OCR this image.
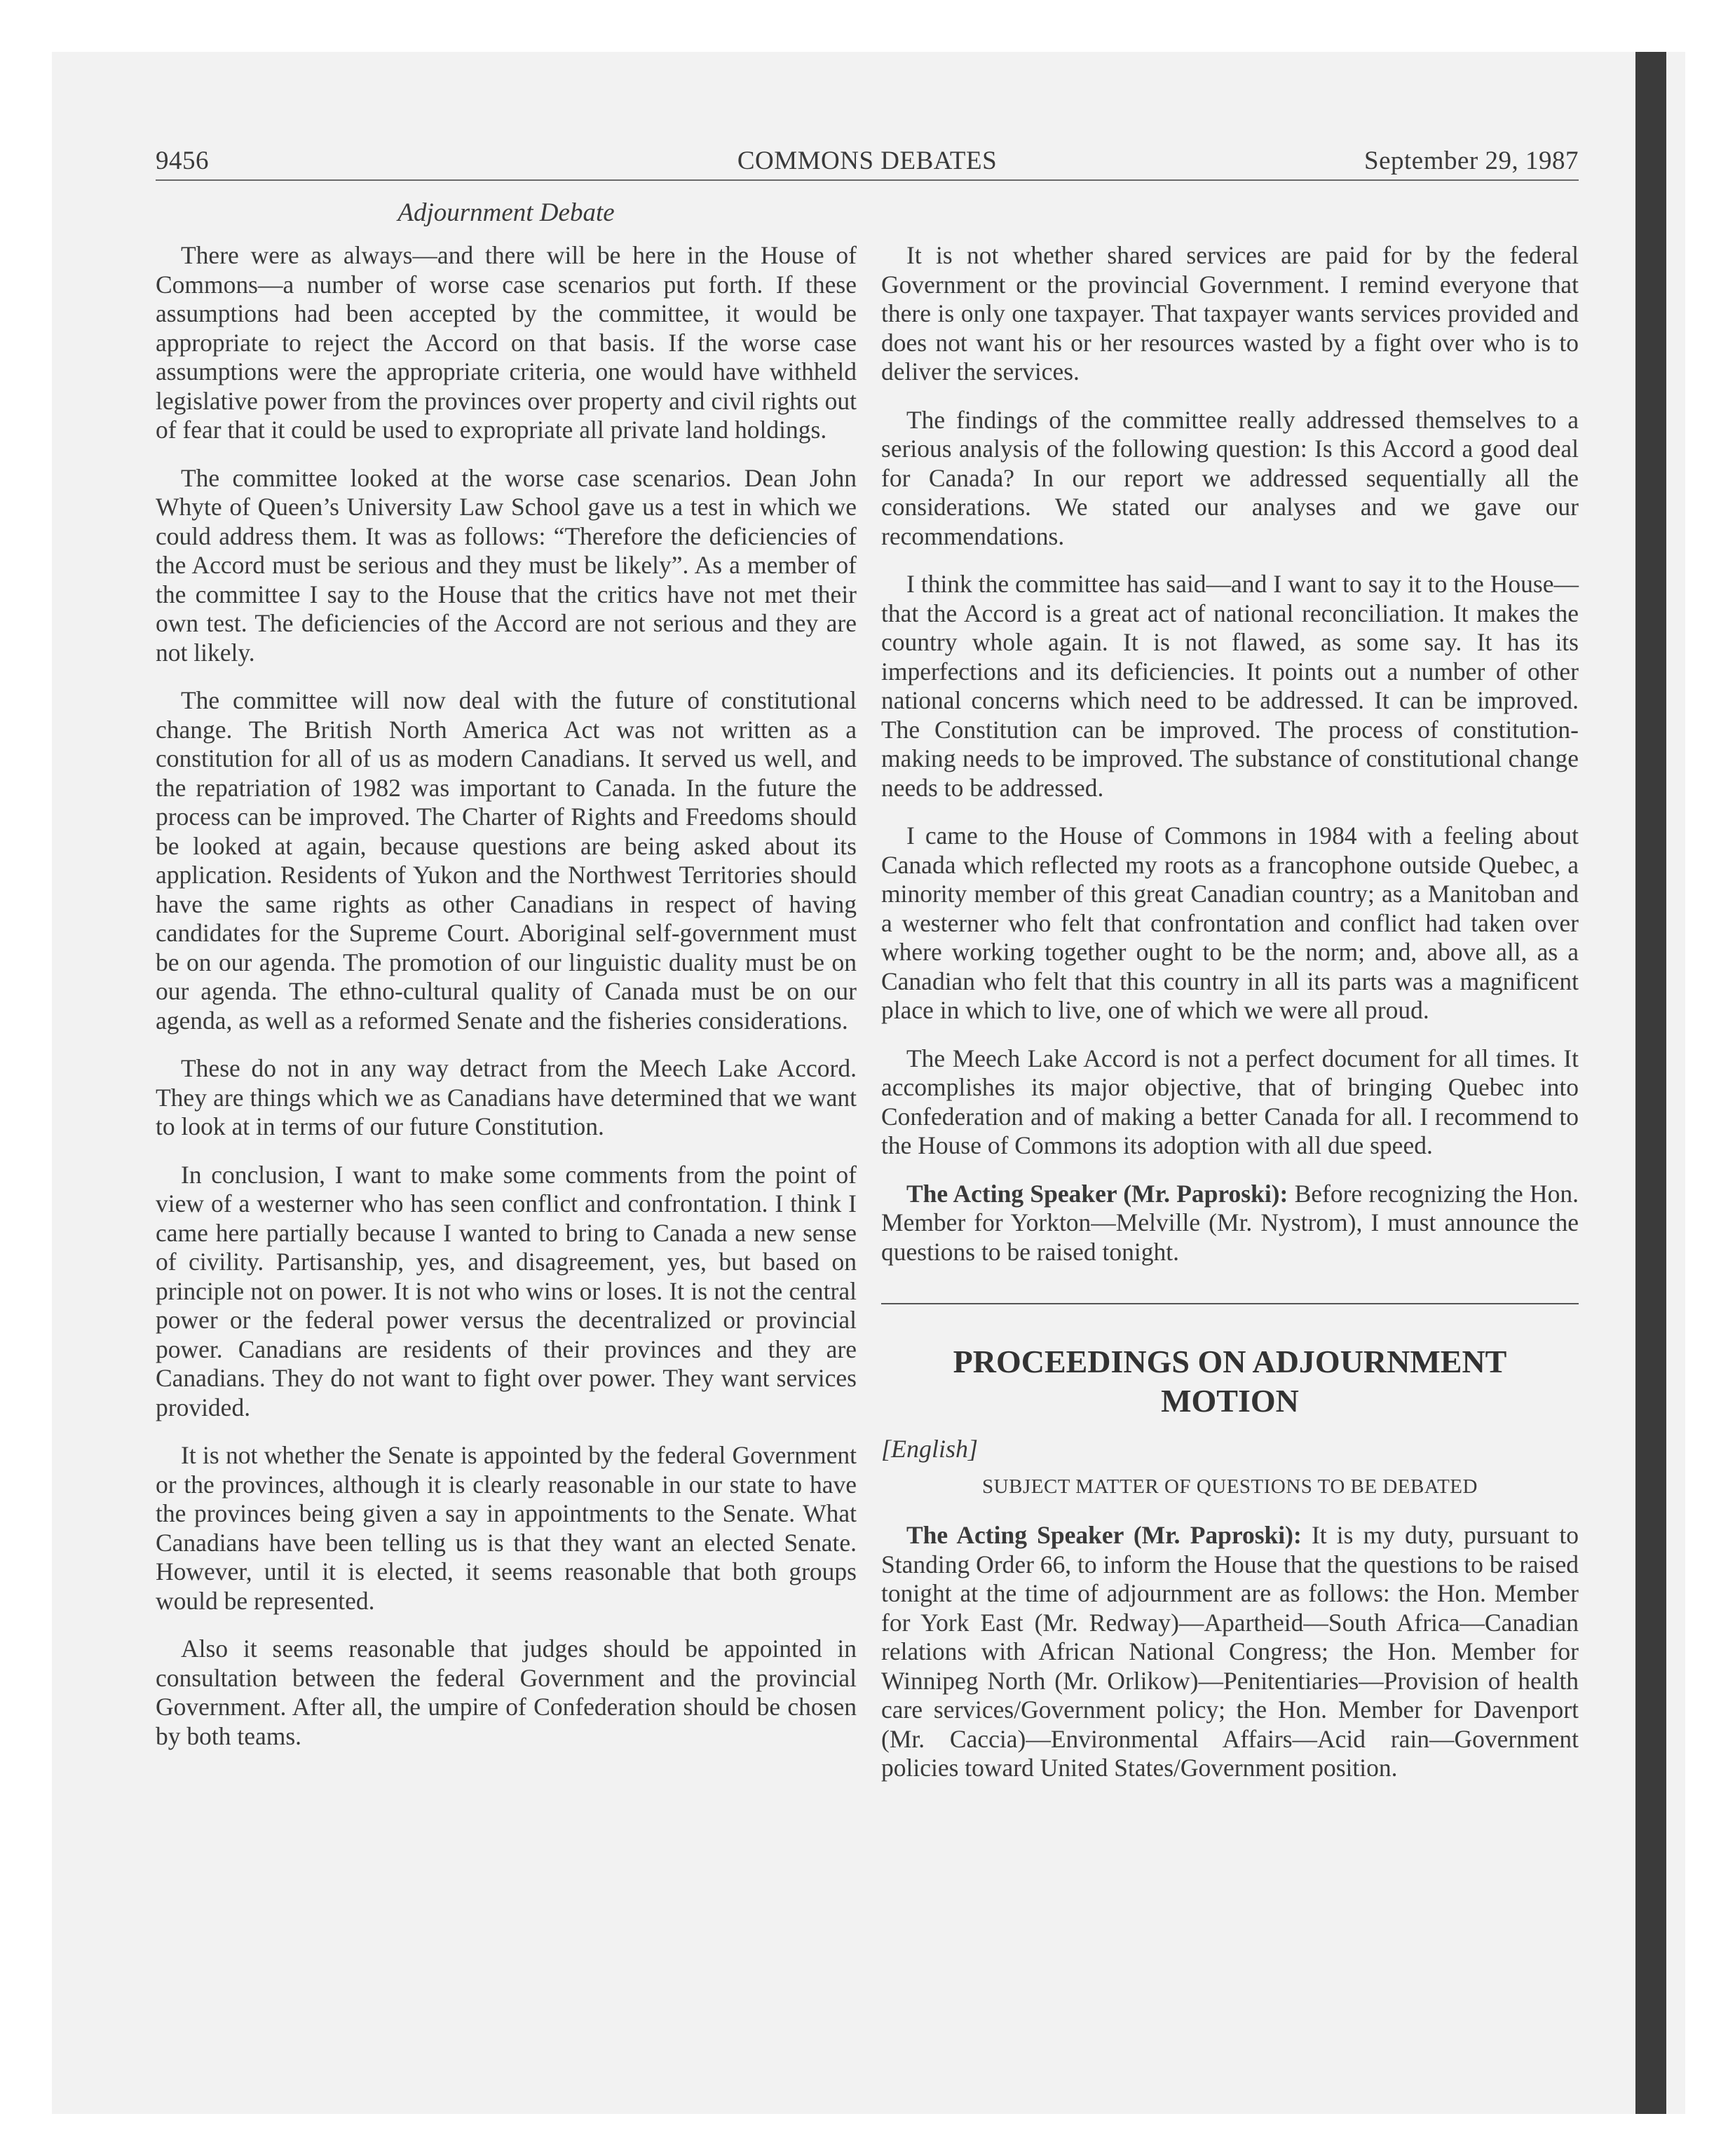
9456	COMMONS DEBATES	September 29, 1987
Adjournment Debate

There were as always—and there will be here in the House of Commons—a number of worse case scenarios put forth. If these assumptions had been accepted by the committee, it would be appropriate to reject the Accord on that basis. If the worse case assumptions were the appropriate criteria, one would have withheld legislative power from the provinces over property and civil rights out of fear that it could be used to expropriate all private land holdings.

The committee looked at the worse case scenarios. Dean John Whyte of Queen’s University Law School gave us a test in which we could address them. It was as follows: “Therefore the deficiencies of the Accord must be serious and they must be likely”. As a member of the committee I say to the House that the critics have not met their own test. The deficiencies of the Accord are not serious and they are not likely.

The committee will now deal with the future of constitutional change. The British North America Act was not written as a constitution for all of us as modern Canadians. It served us well, and the repatriation of 1982 was important to Canada. In the future the process can be improved. The Charter of Rights and Freedoms should be looked at again, because questions are being asked about its application. Residents of Yukon and the Northwest Territories should have the same rights as other Canadians in respect of having candidates for the Supreme Court. Aboriginal self-government must be on our agenda. The promotion of our linguistic duality must be on our agenda. The ethno-cultural quality of Canada must be on our agenda, as well as a reformed Senate and the fisheries considerations.

These do not in any way detract from the Meech Lake Accord. They are things which we as Canadians have determined that we want to look at in terms of our future Constitution.

In conclusion, I want to make some comments from the point of view of a westerner who has seen conflict and confrontation. I think I came here partially because I wanted to bring to Canada a new sense of civility. Partisanship, yes, and disagreement, yes, but based on principle not on power. It is not who wins or loses. It is not the central power or the federal power versus the decentralized or provincial power. Canadians are residents of their provinces and they are Canadians. They do not want to fight over power. They want services provided.

It is not whether the Senate is appointed by the federal Government or the provinces, although it is clearly reasonable in our state to have the provinces being given a say in appointments to the Senate. What Canadians have been telling us is that they want an elected Senate. However, until it is elected, it seems reasonable that both groups would be represented.

Also it seems reasonable that judges should be appointed in consultation between the federal Government and the provincial Government. After all, the umpire of Confederation should be chosen by both teams.

It is not whether shared services are paid for by the federal Government or the provincial Government. I remind everyone that there is only one taxpayer. That taxpayer wants services provided and does not want his or her resources wasted by a fight over who is to deliver the services.

The findings of the committee really addressed themselves to a serious analysis of the following question: Is this Accord a good deal for Canada? In our report we addressed sequentially all the considerations. We stated our analyses and we gave our recommendations.

I think the committee has said—and I want to say it to the House—that the Accord is a great act of national reconciliation. It makes the country whole again. It is not flawed, as some say. It has its imperfections and its deficiencies. It points out a number of other national concerns which need to be addressed. It can be improved. The Constitution can be improved. The process of constitution-making needs to be improved. The substance of constitutional change needs to be addressed.

I came to the House of Commons in 1984 with a feeling about Canada which reflected my roots as a francophone outside Quebec, a minority member of this great Canadian country; as a Manitoban and a westerner who felt that confrontation and conflict had taken over where working together ought to be the norm; and, above all, as a Canadian who felt that this country in all its parts was a magnificent place in which to live, one of which we were all proud.

The Meech Lake Accord is not a perfect document for all times. It accomplishes its major objective, that of bringing Quebec into Confederation and of making a better Canada for all. I recommend to the House of Commons its adoption with all due speed.

The Acting Speaker (Mr. Paproski): Before recognizing the Hon. Member for Yorkton—Melville (Mr. Nystrom), I must announce the questions to be raised tonight.

PROCEEDINGS ON ADJOURNMENT MOTION
[English]
SUBJECT MATTER OF QUESTIONS TO BE DEBATED

The Acting Speaker (Mr. Paproski): It is my duty, pursuant to Standing Order 66, to inform the House that the questions to be raised tonight at the time of adjournment are as follows: the Hon. Member for York East (Mr. Redway)—Apartheid—South Africa—Canadian relations with African National Congress; the Hon. Member for Winnipeg North (Mr. Orlikow)—Penitentiaries—Provision of health care services/Government policy; the Hon. Member for Davenport (Mr. Caccia)—Environmental Affairs—Acid rain—Government policies toward United States/Government position.
